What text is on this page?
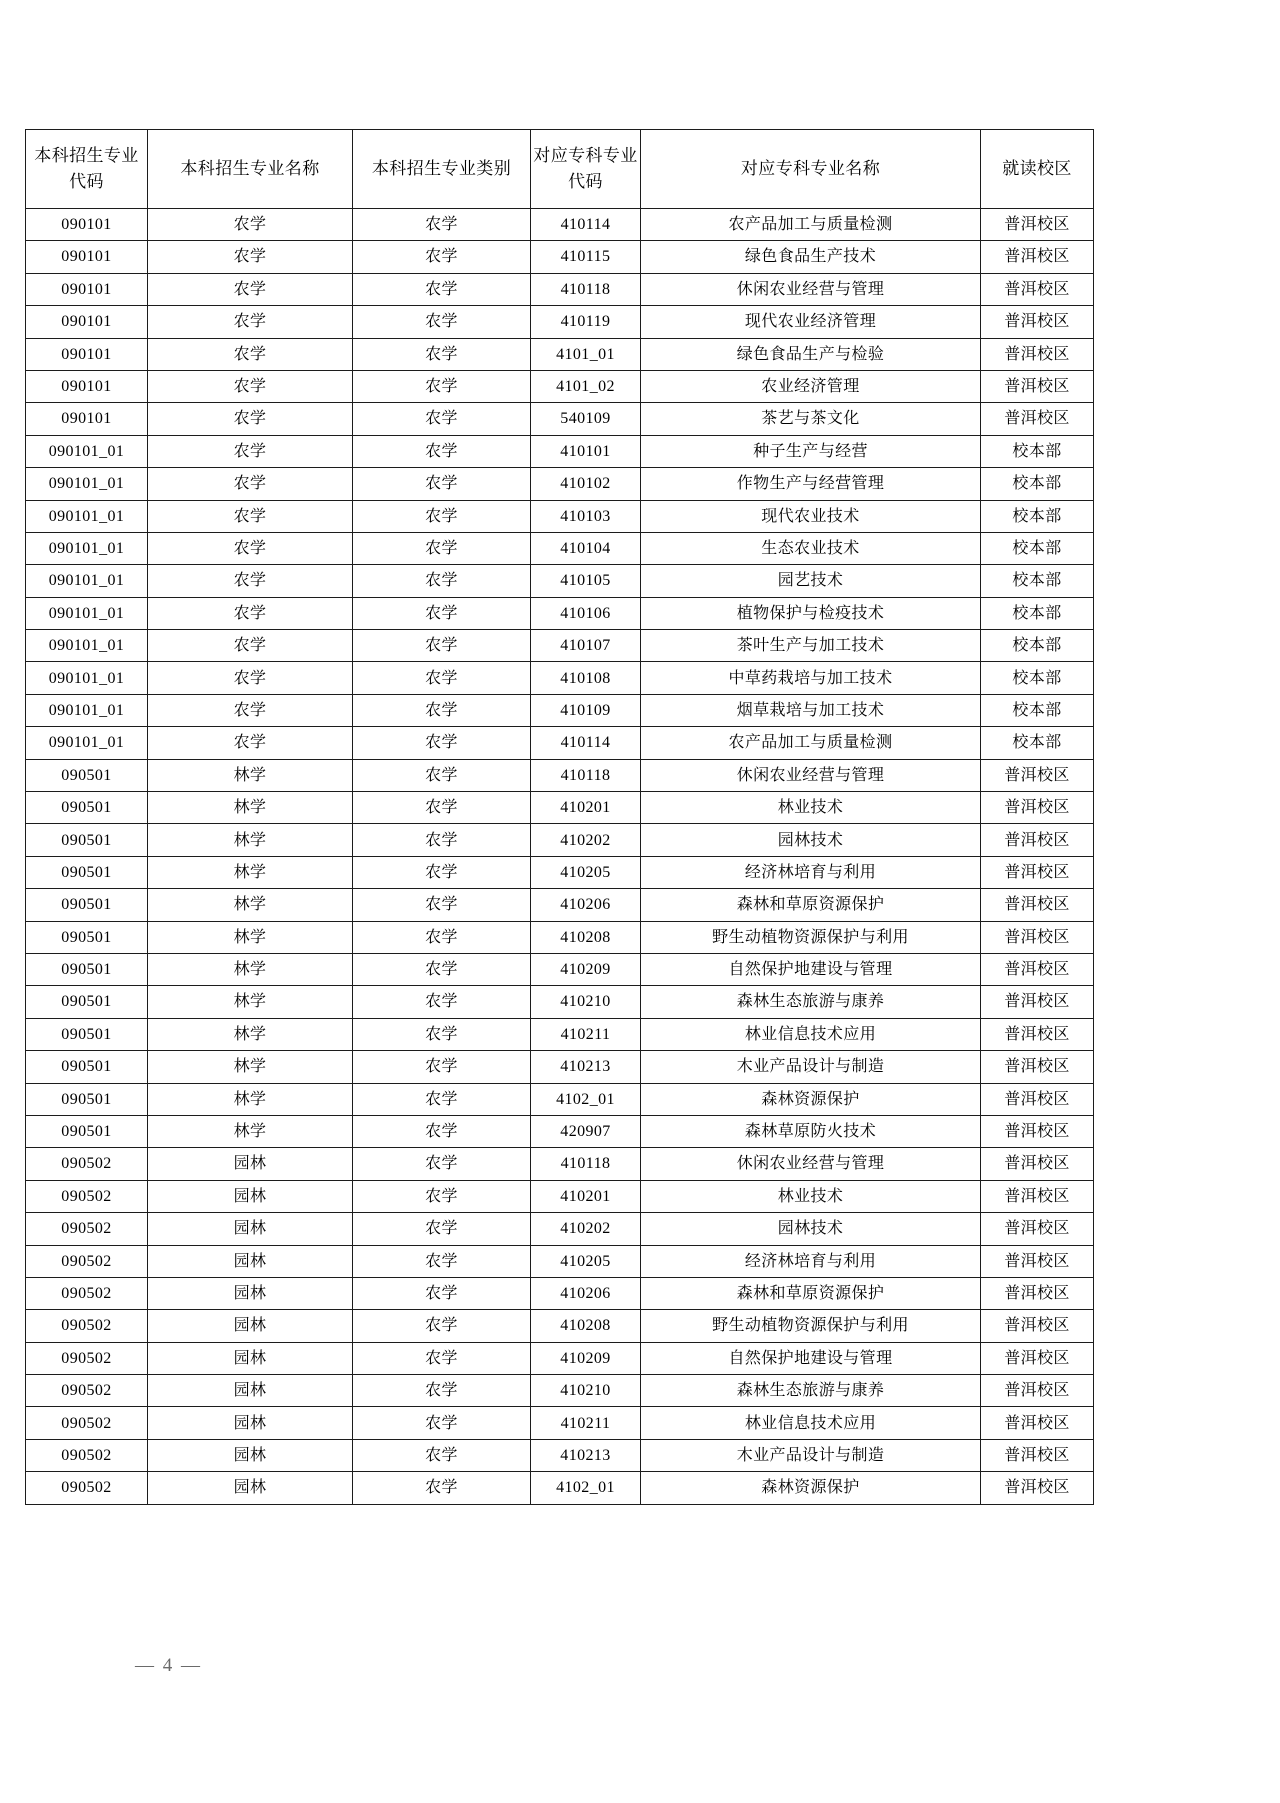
本科招生专业代码	本科招生专业名称	本科招生专业类别	对应专科专业代码	对应专科专业名称	就读校区
090101	农学	农学	410114	农产品加工与质量检测	普洱校区
090101	农学	农学	410115	绿色食品生产技术	普洱校区
090101	农学	农学	410118	休闲农业经营与管理	普洱校区
090101	农学	农学	410119	现代农业经济管理	普洱校区
090101	农学	农学	4101_01	绿色食品生产与检验	普洱校区
090101	农学	农学	4101_02	农业经济管理	普洱校区
090101	农学	农学	540109	茶艺与茶文化	普洱校区
090101_01	农学	农学	410101	种子生产与经营	校本部
090101_01	农学	农学	410102	作物生产与经营管理	校本部
090101_01	农学	农学	410103	现代农业技术	校本部
090101_01	农学	农学	410104	生态农业技术	校本部
090101_01	农学	农学	410105	园艺技术	校本部
090101_01	农学	农学	410106	植物保护与检疫技术	校本部
090101_01	农学	农学	410107	茶叶生产与加工技术	校本部
090101_01	农学	农学	410108	中草药栽培与加工技术	校本部
090101_01	农学	农学	410109	烟草栽培与加工技术	校本部
090101_01	农学	农学	410114	农产品加工与质量检测	校本部
090501	林学	农学	410118	休闲农业经营与管理	普洱校区
090501	林学	农学	410201	林业技术	普洱校区
090501	林学	农学	410202	园林技术	普洱校区
090501	林学	农学	410205	经济林培育与利用	普洱校区
090501	林学	农学	410206	森林和草原资源保护	普洱校区
090501	林学	农学	410208	野生动植物资源保护与利用	普洱校区
090501	林学	农学	410209	自然保护地建设与管理	普洱校区
090501	林学	农学	410210	森林生态旅游与康养	普洱校区
090501	林学	农学	410211	林业信息技术应用	普洱校区
090501	林学	农学	410213	木业产品设计与制造	普洱校区
090501	林学	农学	4102_01	森林资源保护	普洱校区
090501	林学	农学	420907	森林草原防火技术	普洱校区
090502	园林	农学	410118	休闲农业经营与管理	普洱校区
090502	园林	农学	410201	林业技术	普洱校区
090502	园林	农学	410202	园林技术	普洱校区
090502	园林	农学	410205	经济林培育与利用	普洱校区
090502	园林	农学	410206	森林和草原资源保护	普洱校区
090502	园林	农学	410208	野生动植物资源保护与利用	普洱校区
090502	园林	农学	410209	自然保护地建设与管理	普洱校区
090502	园林	农学	410210	森林生态旅游与康养	普洱校区
090502	园林	农学	410211	林业信息技术应用	普洱校区
090502	园林	农学	410213	木业产品设计与制造	普洱校区
090502	园林	农学	4102_01	森林资源保护	普洱校区
— 4 —
